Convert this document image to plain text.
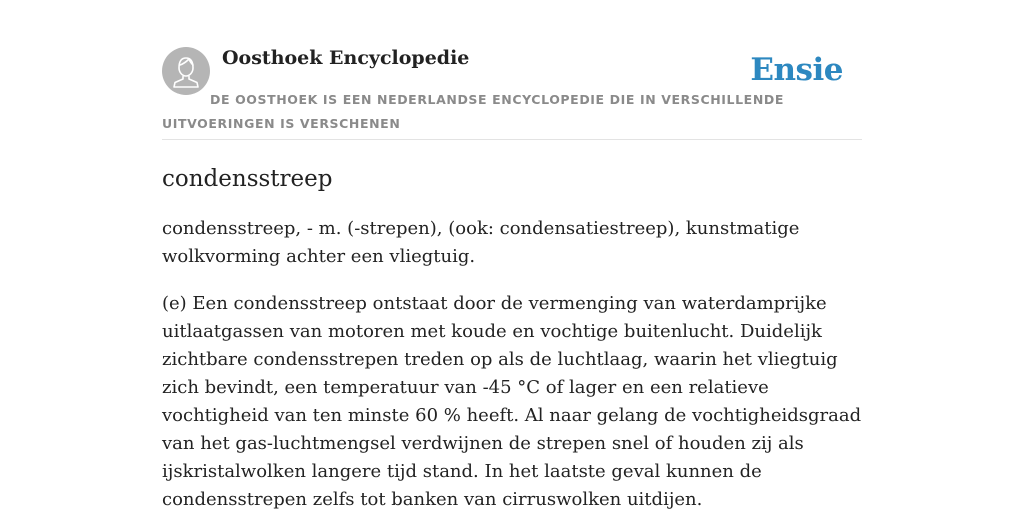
Oosthoek Encyclopedie	Ensie

DE OOSTHOEK IS EEN NEDERLANDSE ENCYCLOPEDIE DIE IN VERSCHILLENDE UITVOERINGEN IS VERSCHENEN

condensstreep

condensstreep, - m. (-strepen), (ook: condensatiestreep), kunstmatige wolkvorming achter een vliegtuig.

(e) Een condensstreep ontstaat door de vermenging van waterdamprijke uitlaatgassen van motoren met koude en vochtige buitenlucht. Duidelijk zichtbare condensstrepen treden op als de luchtlaag, waarin het vliegtuig zich bevindt, een temperatuur van -45 °C of lager en een relatieve vochtigheid van ten minste 60 % heeft. Al naar gelang de vochtigheidsgraad van het gas-luchtmengsel verdwijnen de strepen snel of houden zij als ijskristalwolken langere tijd stand. In het laatste geval kunnen de condensstrepen zelfs tot banken van cirruswolken uitdijen.
